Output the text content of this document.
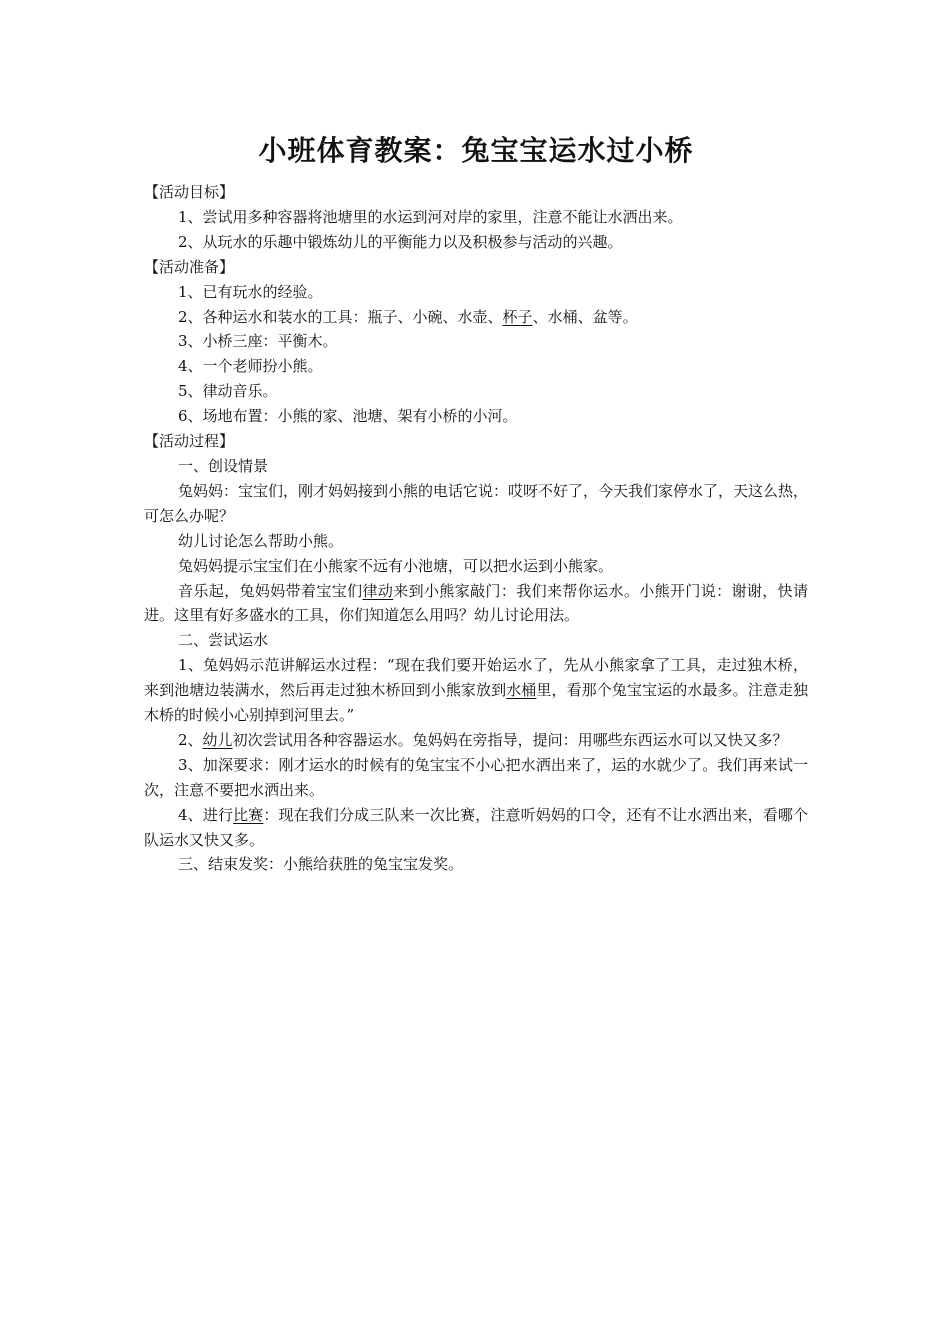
小班体育教案：兔宝宝运水过小桥

【活动目标】

1、尝试用多种容器将池塘里的水运到河对岸的家里，注意不能让水洒出来。

2、从玩水的乐趣中锻炼幼儿的平衡能力以及积极参与活动的兴趣。

【活动准备】

1、已有玩水的经验。

2、各种运水和装水的工具：瓶子、小碗、水壶、杯子、水桶、盆等。

3、小桥三座：平衡木。

4、一个老师扮小熊。

5、律动音乐。

6、场地布置：小熊的家、池塘、架有小桥的小河。

【活动过程】

一、创设情景

兔妈妈：宝宝们，刚才妈妈接到小熊的电话它说：哎呀不好了，今天我们家停水了，天这么热，可怎么办呢？

幼儿讨论怎么帮助小熊。

兔妈妈提示宝宝们在小熊家不远有小池塘，可以把水运到小熊家。

音乐起，兔妈妈带着宝宝们律动来到小熊家敲门：我们来帮你运水。小熊开门说：谢谢，快请进。这里有好多盛水的工具，你们知道怎么用吗？幼儿讨论用法。

二、尝试运水

1、兔妈妈示范讲解运水过程：“现在我们要开始运水了，先从小熊家拿了工具，走过独木桥，来到池塘边装满水，然后再走过独木桥回到小熊家放到水桶里，看那个兔宝宝运的水最多。注意走独木桥的时候小心别掉到河里去。”

2、幼儿初次尝试用各种容器运水。兔妈妈在旁指导，提问：用哪些东西运水可以又快又多？

3、加深要求：刚才运水的时候有的兔宝宝不小心把水洒出来了，运的水就少了。我们再来试一次，注意不要把水洒出来。

4、进行比赛：现在我们分成三队来一次比赛，注意听妈妈的口令，还有不让水洒出来，看哪个队运水又快又多。

三、结束发奖：小熊给获胜的兔宝宝发奖。
